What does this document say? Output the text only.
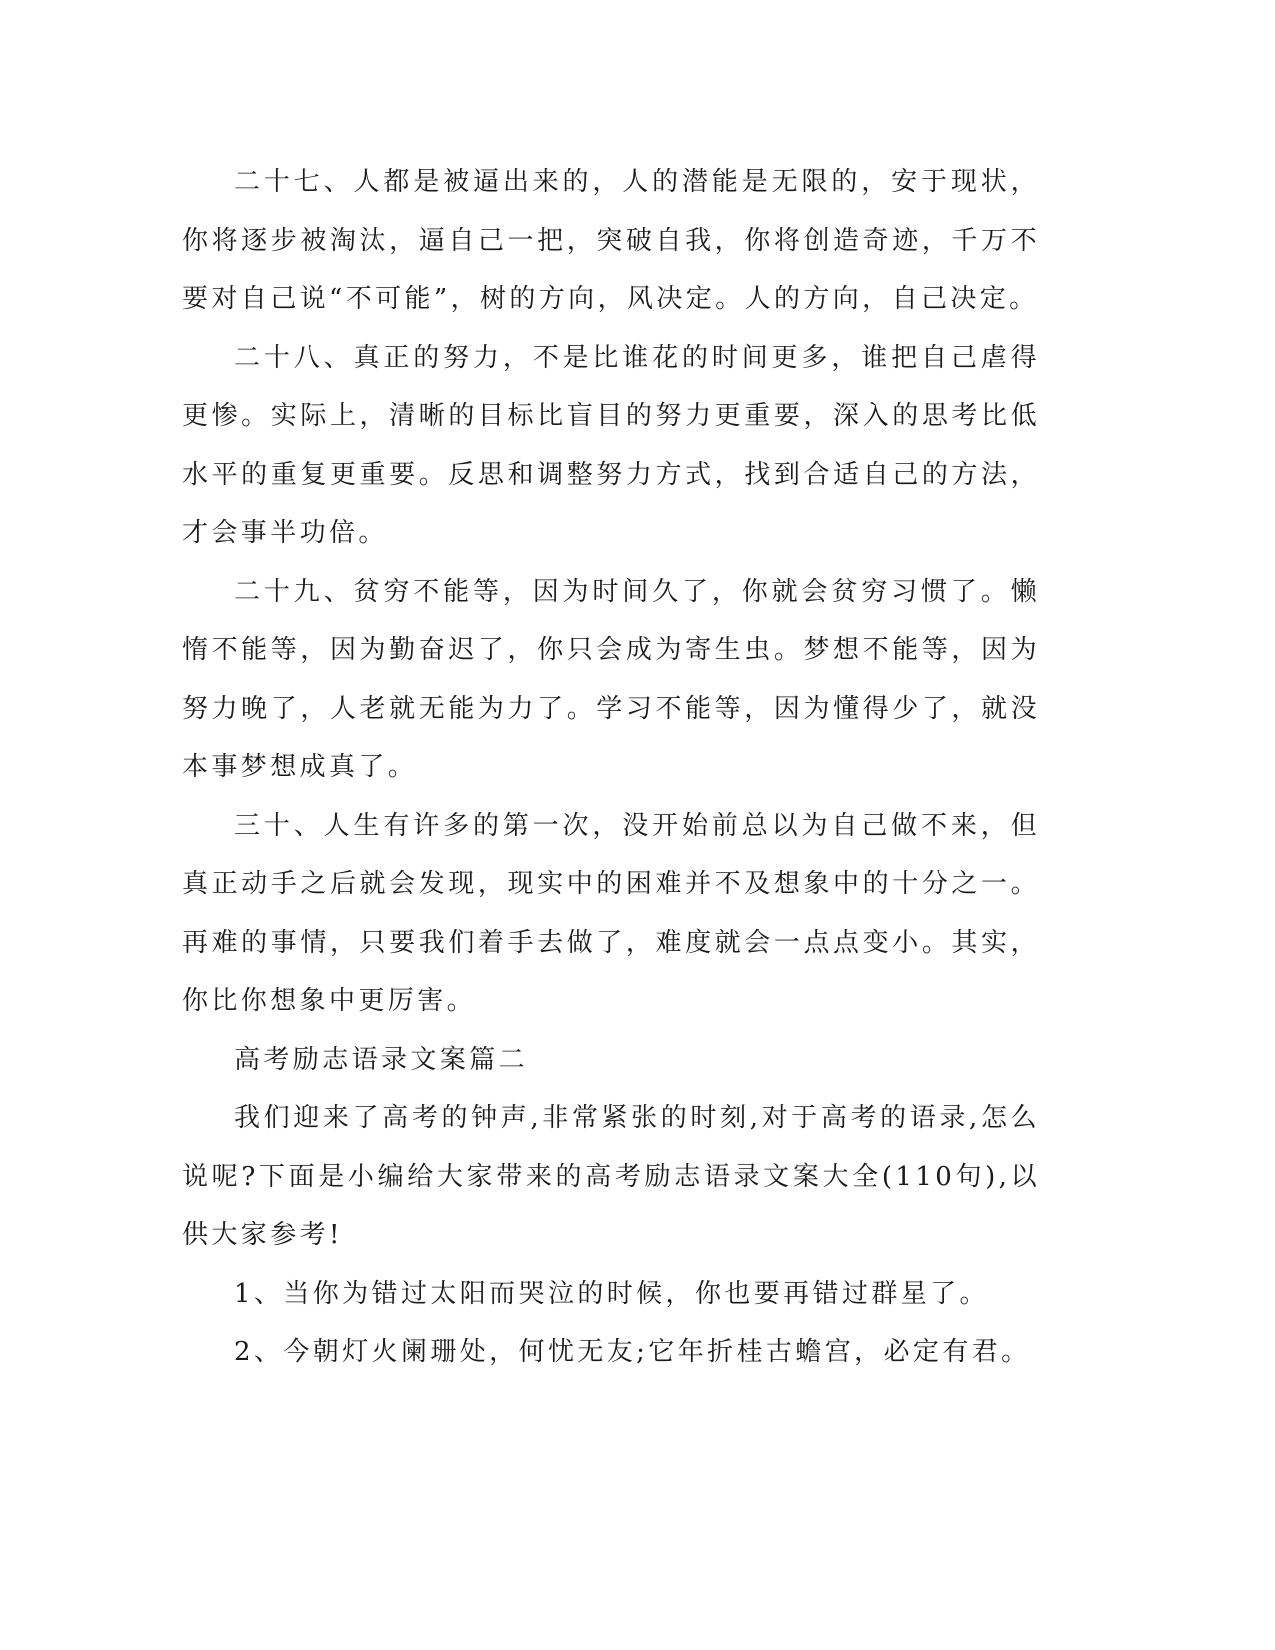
二十七、人都是被逼出来的，人的潜能是无限的，安于现状，你将逐步被淘汰，逼自己一把，突破自我，你将创造奇迹，千万不要对自己说“不可能”，树的方向，风决定。人的方向，自己决定。

二十八、真正的努力，不是比谁花的时间更多，谁把自己虐得更惨。实际上，清晰的目标比盲目的努力更重要，深入的思考比低水平的重复更重要。反思和调整努力方式，找到合适自己的方法，才会事半功倍。

二十九、贫穷不能等，因为时间久了，你就会贫穷习惯了。懒惰不能等，因为勤奋迟了，你只会成为寄生虫。梦想不能等，因为努力晚了，人老就无能为力了。学习不能等，因为懂得少了，就没本事梦想成真了。

三十、人生有许多的第一次，没开始前总以为自己做不来，但真正动手之后就会发现，现实中的困难并不及想象中的十分之一。再难的事情，只要我们着手去做了，难度就会一点点变小。其实，你比你想象中更厉害。

高考励志语录文案篇二

我们迎来了高考的钟声,非常紧张的时刻,对于高考的语录,怎么说呢?下面是小编给大家带来的高考励志语录文案大全(110句),以供大家参考!

1、当你为错过太阳而哭泣的时候，你也要再错过群星了。

2、今朝灯火阑珊处，何忧无友;它年折桂古蟾宫，必定有君。
